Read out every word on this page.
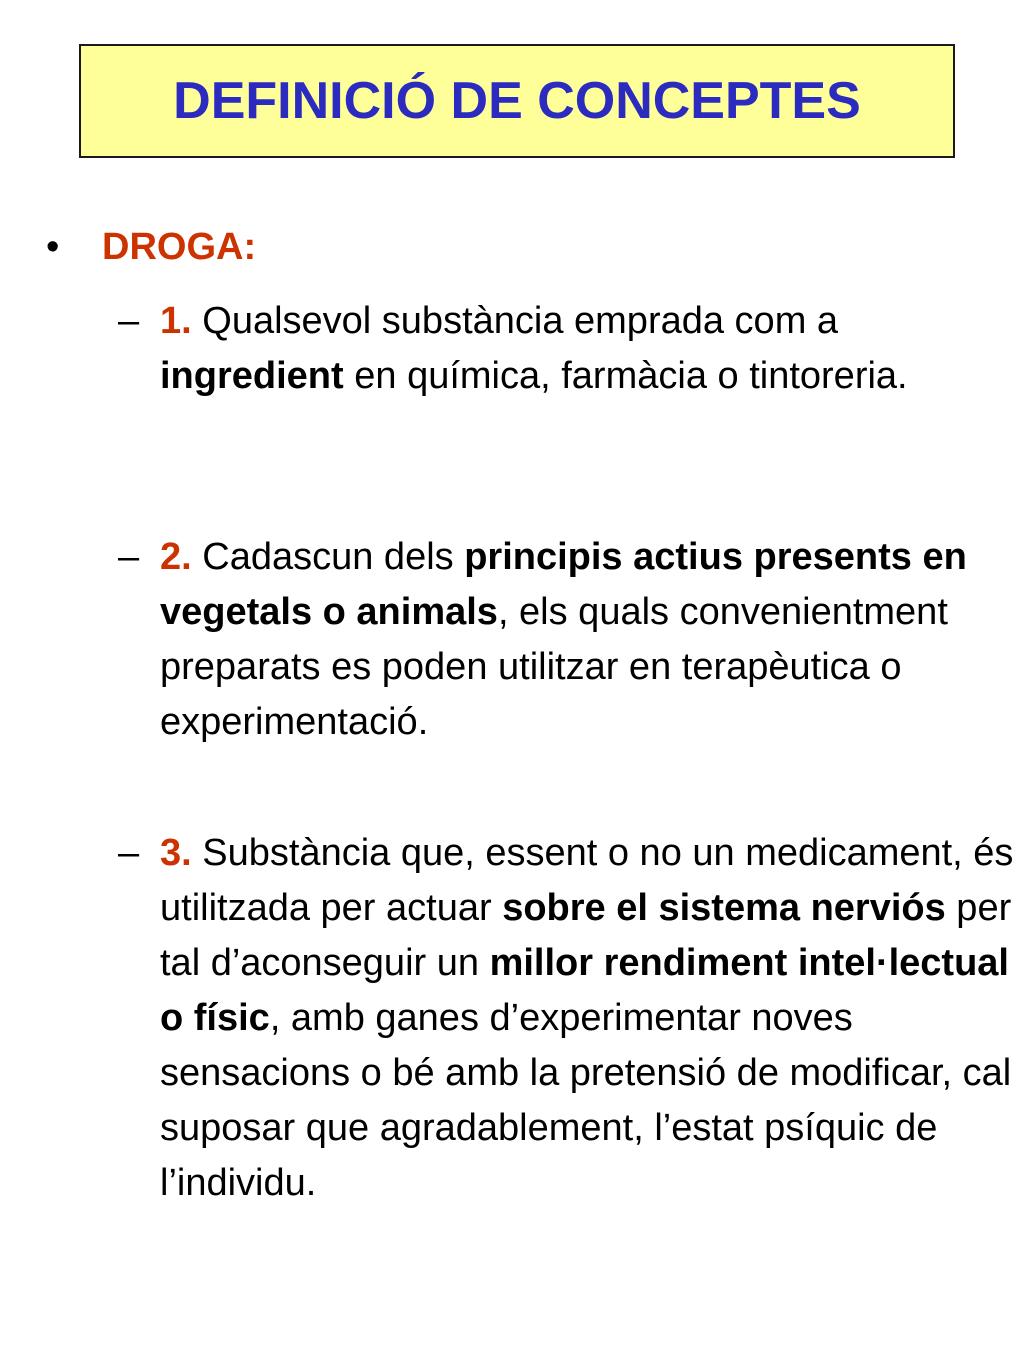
DEFINICIÓ DE CONCEPTES
•	DROGA:
– 1. Qualsevol substància emprada com a ingredient en química, farmàcia o tintoreria.
– 2. Cadascun dels principis actius presents en vegetals o animals, els quals convenientment preparats es poden utilitzar en terapèutica o experimentació.
– 3. Substància que, essent o no un medicament, és utilitzada per actuar sobre el sistema nerviós per tal d’aconseguir un millor rendiment intel·lectual o físic, amb ganes d’experimentar noves sensacions o bé amb la pretensió de modificar, cal suposar que agradablement, l’estat psíquic de l’individu.
